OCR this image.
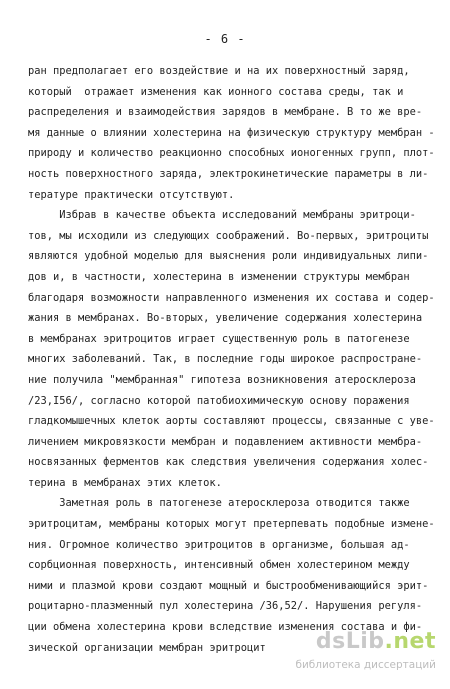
- 6 -
ран предполагает его воздействие и на их поверхностный заряд,
который  отражает изменения как ионного состава среды, так и
распределения и взаимодействия зарядов в мембране. В то же вре-
мя данные о влиянии холестерина на физическую структуру мембран -
природу и количество реакционно способных ионогенных групп, плот-
ность поверхностного заряда, электрокинетические параметры в ли-
тературе практически отсутствуют.
Избрав в качестве объекта исследований мембраны эритроци-
тов, мы исходили из следующих соображений. Во-первых, эритроциты
являются удобной моделью для выяснения роли индивидуальных липи-
дов и, в частности, холестерина в изменении структуры мембран
благодаря возможности направленного изменения их состава и содер-
жания в мембранах. Во-вторых, увеличение содержания холестерина
в мембранах эритроцитов играет существенную роль в патогенезе
многих заболеваний. Так, в последние годы широкое распростране-
ние получила "мембранная" гипотеза возникновения атеросклероза
/23,I56/, согласно которой патобиохимическую основу поражения
гладкомышечных клеток аорты составляют процессы, связанные с уве-
личением микровязкости мембран и подавлением активности мембра-
носвязанных ферментов как следствия увеличения содержания холес-
терина в мембранах этих клеток.
Заметная роль в патогенезе атеросклероза отводится также
эритроцитам, мембраны которых могут претерпевать подобные измене-
ния. Огромное количество эритроцитов в организме, большая ад-
сорбционная поверхность, интенсивный обмен холестерином между
ними и плазмой крови создают мощный и быстрообменивающийся эрит-
роцитарно-плазменный пул холестерина /36,52/. Нарушения регуля-
ции обмена холестерина крови вследствие изменения состава и фи-
зической организации мембран эритроцит	dsLib.net
библиотека диссертаций
